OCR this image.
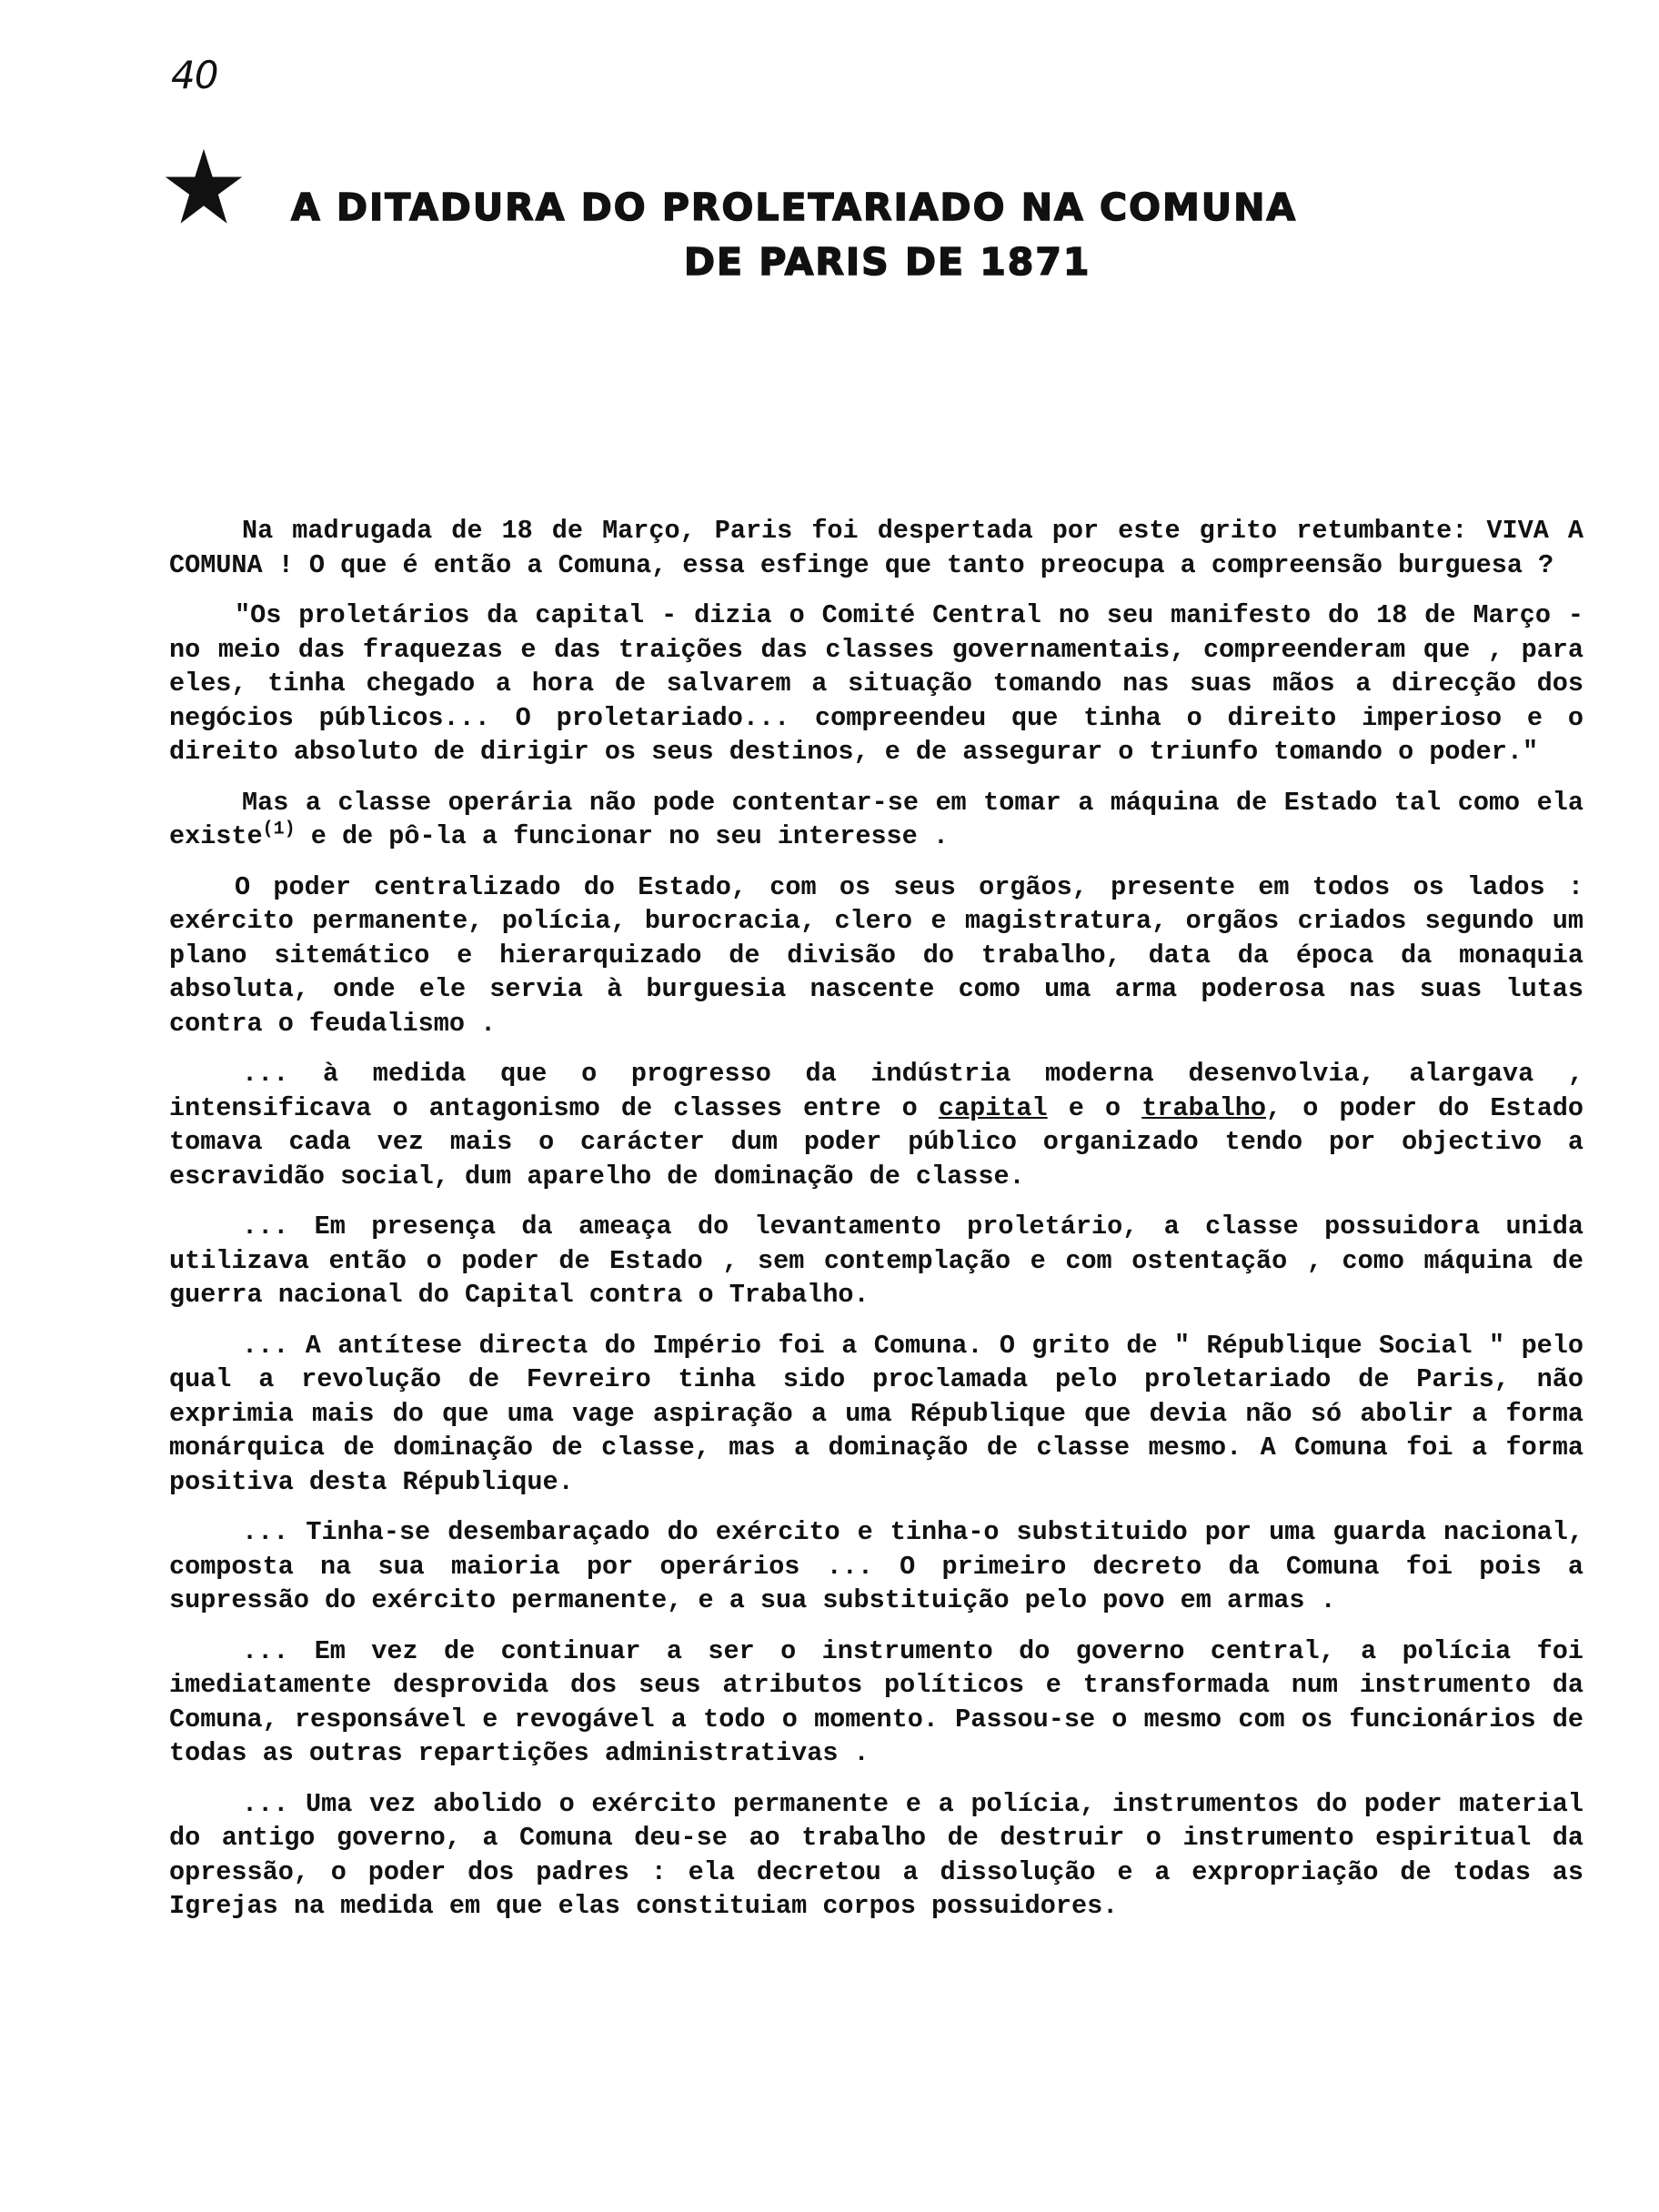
40
A DITADURA DO PROLETARIADO NA COMUNA
DE PARIS DE 1871

Na madrugada de 18 de Março, Paris foi despertada por este grito retumbante: VIVA A COMUNA ! O que é então a Comuna, essa esfinge que tanto preocupa a compreensão burguesa ?

"Os proletários da capital - dizia o Comité Central no seu manifesto do 18 de Março - no meio das fraquezas e das traições das classes governamentais, compreenderam que , para eles, tinha chegado a hora de salvarem a situação tomando nas suas mãos a direcção dos negócios públicos... O proletariado... compreendeu que tinha o direito imperioso e o direito absoluto de dirigir os seus destinos, e de assegurar o triunfo tomando o poder."

Mas a classe operária não pode contentar-se em tomar a máquina de Estado tal como ela existe$^{(1)}$ e de pô-la a funcionar no seu interesse .

O poder centralizado do Estado, com os seus orgãos, presente em todos os lados : exército permanente, polícia, burocracia, clero e magistratura, orgãos criados segundo um plano sitemático e hierarquizado de divisão do trabalho, data da época da monaquia absoluta, onde ele servia à burguesia nascente como uma arma poderosa nas suas lutas contra o feudalismo .

... à medida que o progresso da indústria moderna desenvolvia, alargava , intensificava o antagonismo de classes entre o capital e o trabalho, o poder do Estado tomava cada vez mais o carácter dum poder público organizado tendo por objectivo a escravidão social, dum aparelho de dominação de classe.

... Em presença da ameaça do levantamento proletário, a classe possuidora unida utilizava então o poder de Estado , sem contemplação e com ostentação , como máquina de guerra nacional do Capital contra o Trabalho.

... A antítese directa do Império foi a Comuna. O grito de " République Social " pelo qual a revolução de Fevreiro tinha sido proclamada pelo proletariado de Paris, não exprimia mais do que uma vage aspiração a uma République que devia não só abolir a forma monárquica de dominação de classe, mas a dominação de classe mesmo. A Comuna foi a forma positiva desta République.

... Tinha-se desembaraçado do exército e tinha-o substituido por uma guarda nacional, composta na sua maioria por operários ... O primeiro decreto da Comuna foi pois a supressão do exército permanente, e a sua substituição pelo povo em armas .

... Em vez de continuar a ser o instrumento do governo central, a polícia foi imediatamente desprovida dos seus atributos políticos e transformada num instrumento da Comuna, responsável e revogável a todo o momento. Passou-se o mesmo com os funcionários de todas as outras repartições administrativas .

... Uma vez abolido o exército permanente e a polícia, instrumentos do poder material do antigo governo, a Comuna deu-se ao trabalho de destruir o instrumento espiritual da opressão, o poder dos padres : ela decretou a dissolução e a expropriação de todas as Igrejas na medida em que elas constituiam corpos possuidores.
